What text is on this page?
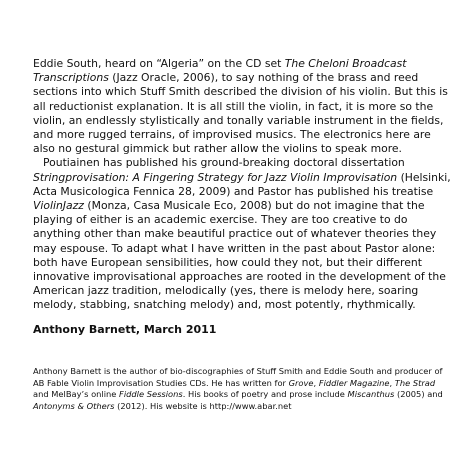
Eddie South, heard on “Algeria” on the CD set The Cheloni Broadcast Transcriptions (Jazz Oracle, 2006), to say nothing of the brass and reed sections into which Stuff Smith described the division of his violin. But this is all reductionist explanation. It is all still the violin, in fact, it is more so the violin, an endlessly stylistically and tonally variable instrument in the fields, and more rugged terrains, of improvised musics. The electronics here are also no gestural gimmick but rather allow the violins to speak more.

Poutiainen has published his ground-breaking doctoral dissertation Stringprovisation: A Fingering Strategy for Jazz Violin Improvisation (Helsinki, Acta Musicologica Fennica 28, 2009) and Pastor has published his treatise ViolinJazz (Monza, Casa Musicale Eco, 2008) but do not imagine that the playing of either is an academic exercise. They are too creative to do anything other than make beautiful practice out of whatever theories they may espouse. To adapt what I have written in the past about Pastor alone: both have European sensibilities, how could they not, but their different innovative improvisational approaches are rooted in the development of the American jazz tradition, melodically (yes, there is melody here, soaring melody, stabbing, snatching melody) and, most potently, rhythmically.

Anthony Barnett, March 2011

Anthony Barnett is the author of bio-discographies of Stuff Smith and Eddie South and producer of AB Fable Violin Improvisation Studies CDs. He has written for Grove, Fiddler Magazine, The Strad and MelBay’s online Fiddle Sessions. His books of poetry and prose include Miscanthus (2005) and Antonyms & Others (2012). His website is http://www.abar.net
